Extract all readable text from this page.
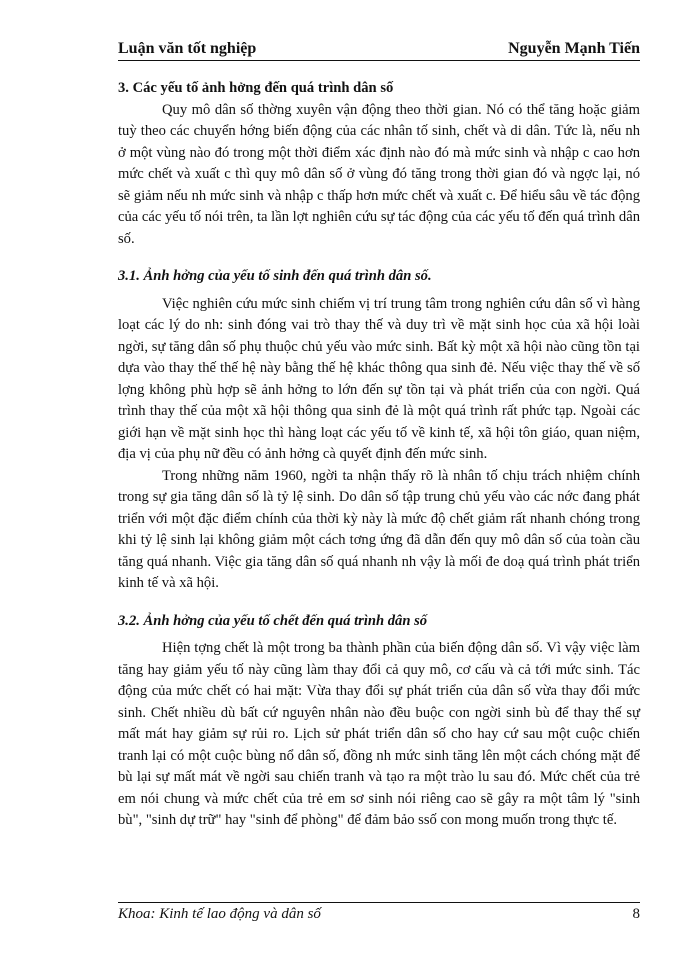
Luận văn tốt nghiệp	Nguyễn Mạnh Tiến
3. Các yếu tố ảnh hởng đến quá trình dân số

Quy mô dân số thờng xuyên vận động theo thời gian. Nó có thể tăng hoặc giảm tuỳ theo các chuyển hớng biến động của các nhân tố sinh, chết và di dân. Tức là, nếu nh ở một vùng nào đó trong một thời điểm xác định nào đó mà mức sinh và nhập c cao hơn mức chết và xuất c thì quy mô dân số ở vùng đó tăng trong thời gian đó và ngợc lại, nó sẽ giảm nếu nh mức sinh và nhập c thấp hơn mức chết và xuất c. Để hiểu sâu về tác động của các yếu tố nói trên, ta lần lợt nghiên cứu sự tác động của các yếu tố đến quá trình dân số.

3.1. Ảnh hởng của yếu tố sinh đến quá trình dân số.

Việc nghiên cứu mức sinh chiếm vị trí trung tâm trong nghiên cứu dân số vì hàng loạt các lý do nh: sinh đóng vai trò thay thế và duy trì về mặt sinh học của xã hội loài ngời, sự tăng dân số phụ thuộc chủ yếu vào mức sinh. Bất kỳ một xã hội nào cũng tồn tại dựa vào thay thế thế hệ này bằng thế hệ khác thông qua sinh đẻ. Nếu việc thay thế về số lợng không phù hợp sẽ ảnh hởng to lớn đến sự tồn tại và phát triển của con ngời. Quá trình thay thế của một xã hội thông qua sinh đẻ là một quá trình rất phức tạp. Ngoài các giới hạn về mặt sinh học thì hàng loạt các yếu tố về kinh tế, xã hội tôn giáo, quan niệm, địa vị của phụ nữ đều có ảnh hởng cà quyết định đến mức sinh.

Trong những năm 1960, ngời ta nhận thấy rõ là nhân tố chịu trách nhiệm chính trong sự gia tăng dân số là tỷ lệ sinh. Do dân số tập trung chủ yếu vào các nớc đang phát triển với một đặc điểm chính của thời kỳ này là mức độ chết giảm rất nhanh chóng trong khi tỷ lệ sinh lại không giảm một cách tơng ứng đã dẫn đến quy mô dân số của toàn cầu tăng quá nhanh. Việc gia tăng dân số quá nhanh nh vậy là mối đe doạ quá trình phát triển kinh tế và xã hội.

3.2. Ảnh hởng của yếu tố chết đến quá trình dân số

Hiện tợng chết là một trong ba thành phần của biến động dân số. Vì vậy việc làm tăng hay giảm yếu tố này cũng làm thay đổi cả quy mô, cơ cấu và cả tới mức sinh. Tác động của mức chết có hai mặt: Vừa thay đổi sự phát triển của dân số vừa thay đổi mức sinh. Chết nhiều dù bất cứ nguyên nhân nào đều buộc con ngời sinh bù để thay thế sự mất mát hay giảm sự rủi ro. Lịch sử phát triển dân số cho hay cứ sau một cuộc chiến tranh lại có một cuộc bùng nổ dân số, đồng nh mức sinh tăng lên một cách chóng mặt để bù lại sự mất mát về ngời sau chiến tranh và tạo ra một trào lu sau đó. Mức chết của trẻ em nói chung và mức chết của trẻ em sơ sinh nói riêng cao sẽ gây ra một tâm lý "sinh bù", "sinh dự trữ" hay "sinh để phòng" để đảm bảo ssố con mong muốn trong thực tế.

Khoa: Kinh tế lao động và dân số	8
